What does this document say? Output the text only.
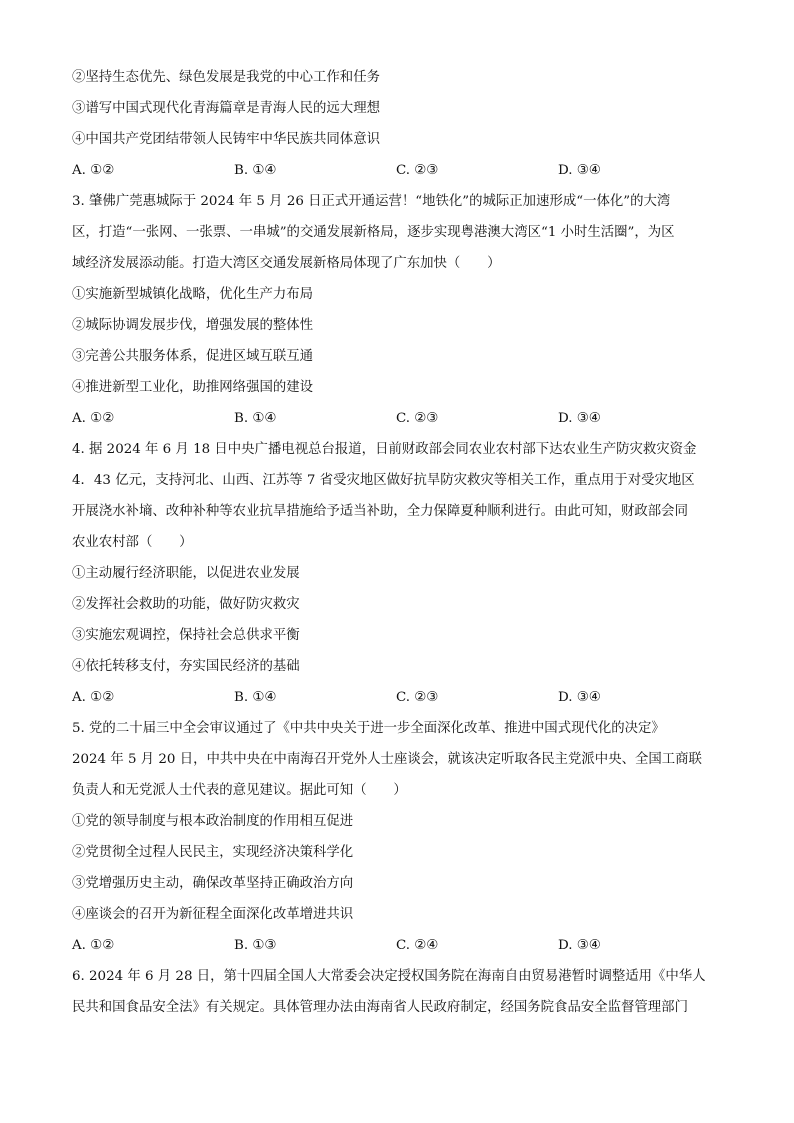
②坚持生态优先、绿色发展是我党的中心工作和任务
③谱写中国式现代化青海篇章是青海人民的远大理想
④中国共产党团结带领人民铸牢中华民族共同体意识
A. ①②	B. ①④	C. ②③	D. ③④
3. 肇佛广莞惠城际于 2024 年 5 月 26 日正式开通运营！“地铁化”的城际正加速形成“一体化”的大湾
区，打造“一张网、一张票、一串城”的交通发展新格局，逐步实现粤港澳大湾区“1 小时生活圈”，为区
域经济发展添动能。打造大湾区交通发展新格局体现了广东加快（　　）
①实施新型城镇化战略，优化生产力布局
②城际协调发展步伐，增强发展的整体性
③完善公共服务体系，促进区域互联互通
④推进新型工业化，助推网络强国的建设
A. ①②	B. ①④	C. ②③	D. ③④
4. 据 2024 年 6 月 18 日中央广播电视总台报道，日前财政部会同农业农村部下达农业生产防灾救灾资金
4．43 亿元，支持河北、山西、江苏等 7 省受灾地区做好抗旱防灾救灾等相关工作，重点用于对受灾地区
开展浇水补墒、改种补种等农业抗旱措施给予适当补助，全力保障夏种顺利进行。由此可知，财政部会同
农业农村部（　　）
①主动履行经济职能，以促进农业发展
②发挥社会救助的功能，做好防灾救灾
③实施宏观调控，保持社会总供求平衡
④依托转移支付，夯实国民经济的基础
A. ①②	B. ①④	C. ②③	D. ③④
5. 党的二十届三中全会审议通过了《中共中央关于进一步全面深化改革、推进中国式现代化的决定》
2024 年 5 月 20 日，中共中央在中南海召开党外人士座谈会，就该决定听取各民主党派中央、全国工商联
负责人和无党派人士代表的意见建议。据此可知（　　）
①党的领导制度与根本政治制度的作用相互促进
②党贯彻全过程人民民主，实现经济决策科学化
③党增强历史主动，确保改革坚持正确政治方向
④座谈会的召开为新征程全面深化改革增进共识
A. ①②	B. ①③	C. ②④	D. ③④
6. 2024 年 6 月 28 日，第十四届全国人大常委会决定授权国务院在海南自由贸易港暂时调整适用《中华人
民共和国食品安全法》有关规定。具体管理办法由海南省人民政府制定，经国务院食品安全监督管理部门
